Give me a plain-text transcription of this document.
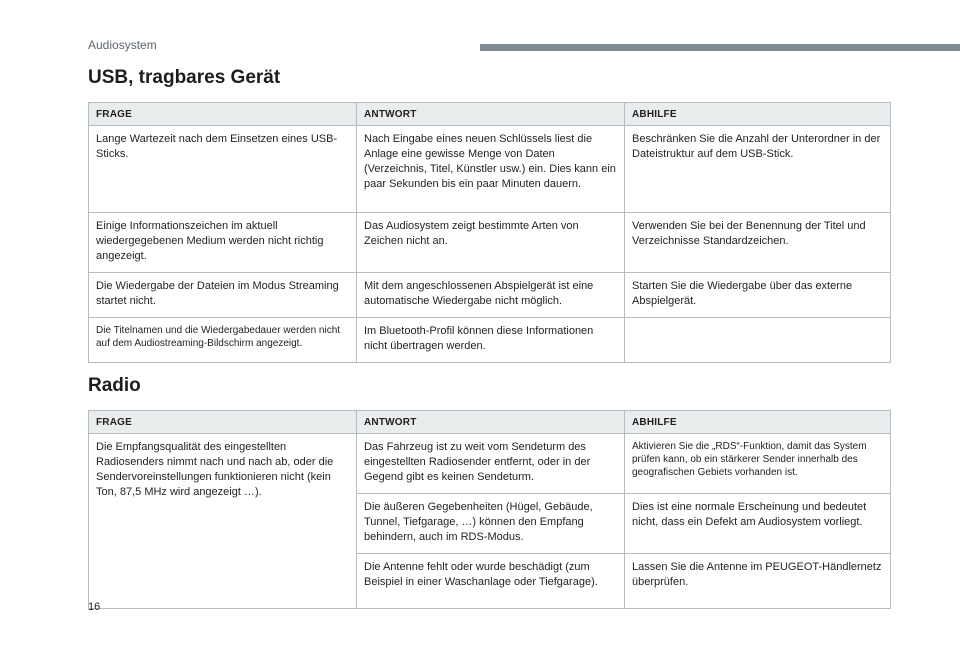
Audiosystem
USB, tragbares Gerät
FRAGE	ANTWORT	ABHILFE
Lange Wartezeit nach dem Einsetzen eines USB-Sticks.	Nach Eingabe eines neuen Schlüssels liest die Anlage eine gewisse Menge von Daten (Verzeichnis, Titel, Künstler usw.) ein. Dies kann ein paar Sekunden bis ein paar Minuten dauern.	Beschränken Sie die Anzahl der Unterordner in der Dateistruktur auf dem USB-Stick.
Einige Informationszeichen im aktuell wiedergegebenen Medium werden nicht richtig angezeigt.	Das Audiosystem zeigt bestimmte Arten von Zeichen nicht an.	Verwenden Sie bei der Benennung der Titel und Verzeichnisse Standardzeichen.
Die Wiedergabe der Dateien im Modus Streaming startet nicht.	Mit dem angeschlossenen Abspielgerät ist eine automatische Wiedergabe nicht möglich.	Starten Sie die Wiedergabe über das externe Abspielgerät.
Die Titelnamen und die Wiedergabedauer werden nicht auf dem Audiostreaming-Bildschirm angezeigt.	Im Bluetooth-Profil können diese Informationen nicht übertragen werden.	
Radio
FRAGE	ANTWORT	ABHILFE
Die Empfangsqualität des eingestellten Radiosenders nimmt nach und nach ab, oder die Sendervoreinstellungen funktionieren nicht (kein Ton, 87,5 MHz wird angezeigt …).	Das Fahrzeug ist zu weit vom Sendeturm des eingestellten Radiosender entfernt, oder in der Gegend gibt es keinen Sendeturm.	Aktivieren Sie die „RDS“-Funktion, damit das System prüfen kann, ob ein stärkerer Sender innerhalb des geografischen Gebiets vorhanden ist.
	Die äußeren Gegebenheiten (Hügel, Gebäude, Tunnel, Tiefgarage, …) können den Empfang behindern, auch im RDS-Modus.	Dies ist eine normale Erscheinung und bedeutet nicht, dass ein Defekt am Audiosystem vorliegt.
	Die Antenne fehlt oder wurde beschädigt (zum Beispiel in einer Waschanlage oder Tiefgarage).	Lassen Sie die Antenne im PEUGEOT-Händlernetz überprüfen.
16
